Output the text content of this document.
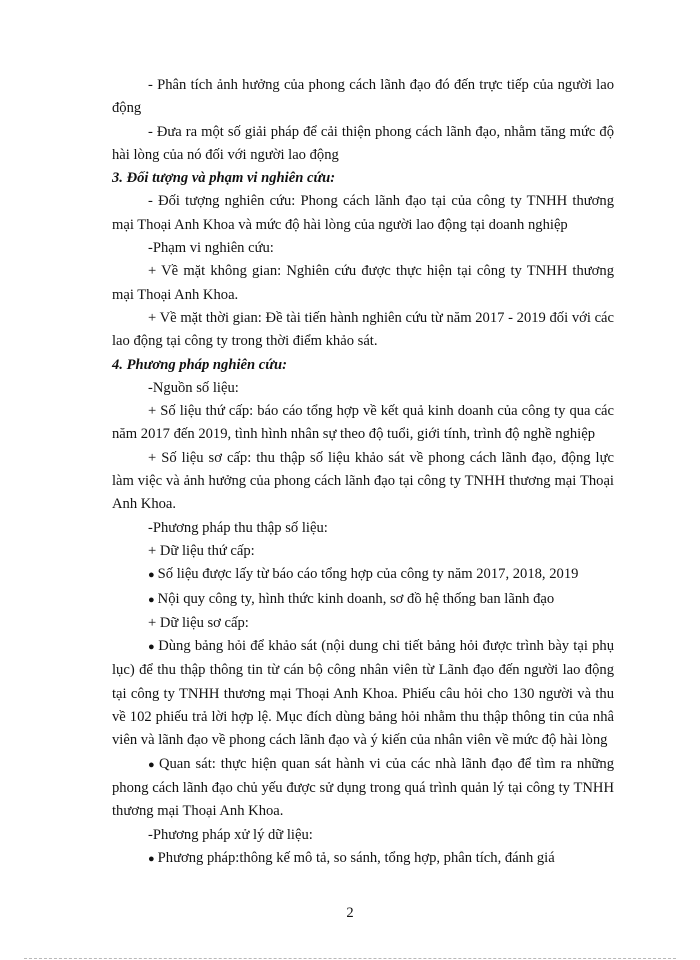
- Phân tích ảnh hưởng của phong cách lãnh đạo đó đến trực tiếp của người lao động

- Đưa ra một số giải pháp để cải thiện phong cách lãnh đạo, nhằm tăng mức độ hài lòng của nó đối với người lao động

3. Đối tượng và phạm vi nghiên cứu:

- Đối tượng nghiên cứu: Phong cách lãnh đạo tại của công ty TNHH thương mại Thoại Anh Khoa và mức độ hài lòng của người lao động tại doanh nghiệp

-Phạm vi nghiên cứu:

+ Về mặt không gian: Nghiên cứu được thực hiện tại công ty TNHH thương mại Thoại Anh Khoa.

+ Về mặt thời gian: Đề tài tiến hành nghiên cứu từ năm 2017 - 2019 đối với các lao động tại công ty trong thời điểm khảo sát.

4. Phương pháp nghiên cứu:

-Nguồn số liệu:

+ Số liệu thứ cấp: báo cáo tổng hợp về kết quả kinh doanh của công ty qua các năm 2017 đến 2019, tình hình nhân sự theo độ tuổi, giới tính, trình độ nghề nghiệp

+ Số liệu sơ cấp: thu thập số liệu khảo sát về phong cách lãnh đạo, động lực làm việc và ảnh hưởng của phong cách lãnh đạo tại công ty TNHH thương mại Thoại Anh Khoa.

-Phương pháp thu thập số liệu:

+ Dữ liệu thứ cấp:

● Số liệu được lấy từ báo cáo tổng hợp của công ty năm 2017, 2018, 2019

● Nội quy công ty, hình thức kinh doanh, sơ đồ hệ thống ban lãnh đạo

+ Dữ liệu sơ cấp:

● Dùng bảng hỏi để khảo sát (nội dung chi tiết bảng hỏi được trình bày tại phụ lục) để thu thập thông tin từ cán bộ công nhân viên từ Lãnh đạo đến người lao động tại công ty TNHH thương mại Thoại Anh Khoa. Phiếu câu hỏi cho 130 người và thu về 102 phiếu trả lời hợp lệ. Mục đích dùng bảng hỏi nhằm thu thập thông tin của nhâ viên và lãnh đạo về phong cách lãnh đạo và ý kiến của nhân viên về mức độ hài lòng

● Quan sát: thực hiện quan sát hành vi của các nhà lãnh đạo để tìm ra những phong cách lãnh đạo chủ yếu được sử dụng trong quá trình quản lý tại công ty TNHH thương mại Thoại Anh Khoa.

-Phương pháp xử lý dữ liệu:

● Phương pháp:thông kế mô tả, so sánh, tổng hợp, phân tích, đánh giá

2
